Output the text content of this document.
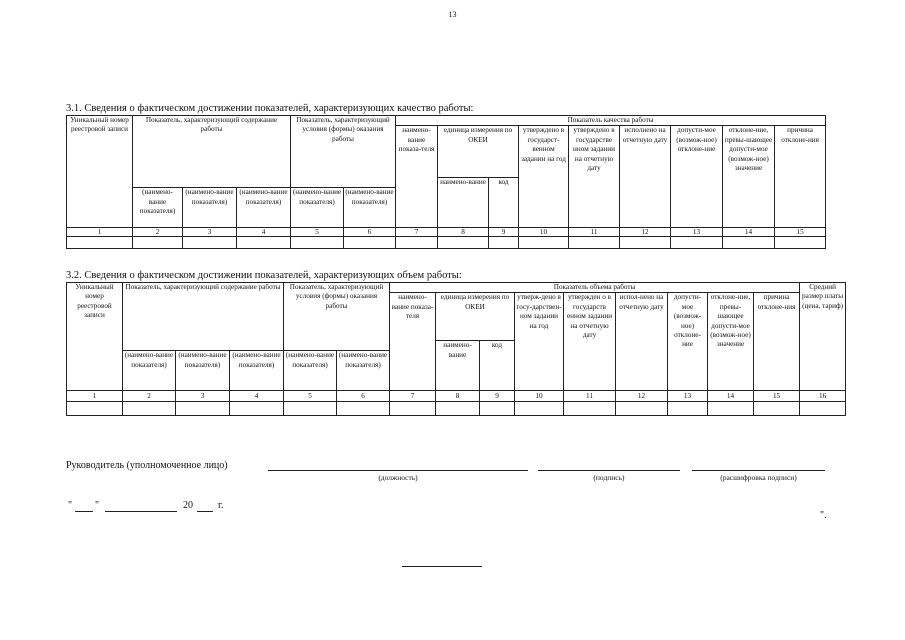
13
3.1. Сведения о фактическом достижении показателей, характеризующих качество работы:
Уникальный номер реестровой записи	Показатель, характеризующий содержание работы			Показатель, характеризующий условия (формы) оказания работы		Показатель качества работы								
						наимено-вание показа-теля	единица измерения по ОКЕИ		утверждено в государст-венном задании на год	утверждено в государстве нном задании на отчетную дату	исполнено на отчетную дату	допусти-мое (возмож-ное) отклоне-ние	отклоне-ние, превы-шающее допусти-мое (возмож-ное) значение	причина отклоне-ния
							наимено-вание	код						
	(наимено-вание показателя)	(наимено-вание показателя)	(наимено-вание показателя)	(наимено-вание показателя)	(наимено-вание показателя)									
1	2	3	4	5	6	7	8	9	10	11	12	13	14	15

3.2. Сведения о фактическом достижении показателей, характеризующих объем работы:
Уникальный номер реестровой записи	Показатель, характеризующий содержание работы			Показатель, характеризующий условия (формы) оказания работы		Показатель объема работы									Средний размер платы (цена, тариф)
						наимено-вание показа-теля	единица измерения по ОКЕИ		утверж-дено в госу-дарствен-ном задании на год	утвержден о в государств енном задании на отчетную дату	испол-нено на отчетную дату	допусти-мое (возмож-ное) отклоне-ние	отклоне-ние, превы-шающее допусти-мое (возмож-ное) значение	причина отклоне-ния	
							наимено-вание	код							
	(наимено-вание показателя)	(наимено-вание показателя)	(наимено-вание показателя)	(наимено-вание показателя)	(наимено-вание показателя)										
1	2	3	4	5	6	7	8	9	10	11	12	13	14	15	16

Руководитель (уполномоченное лицо)
(должность)	(подпись)	(расшифровка подписи)
" "	20	г.
".
